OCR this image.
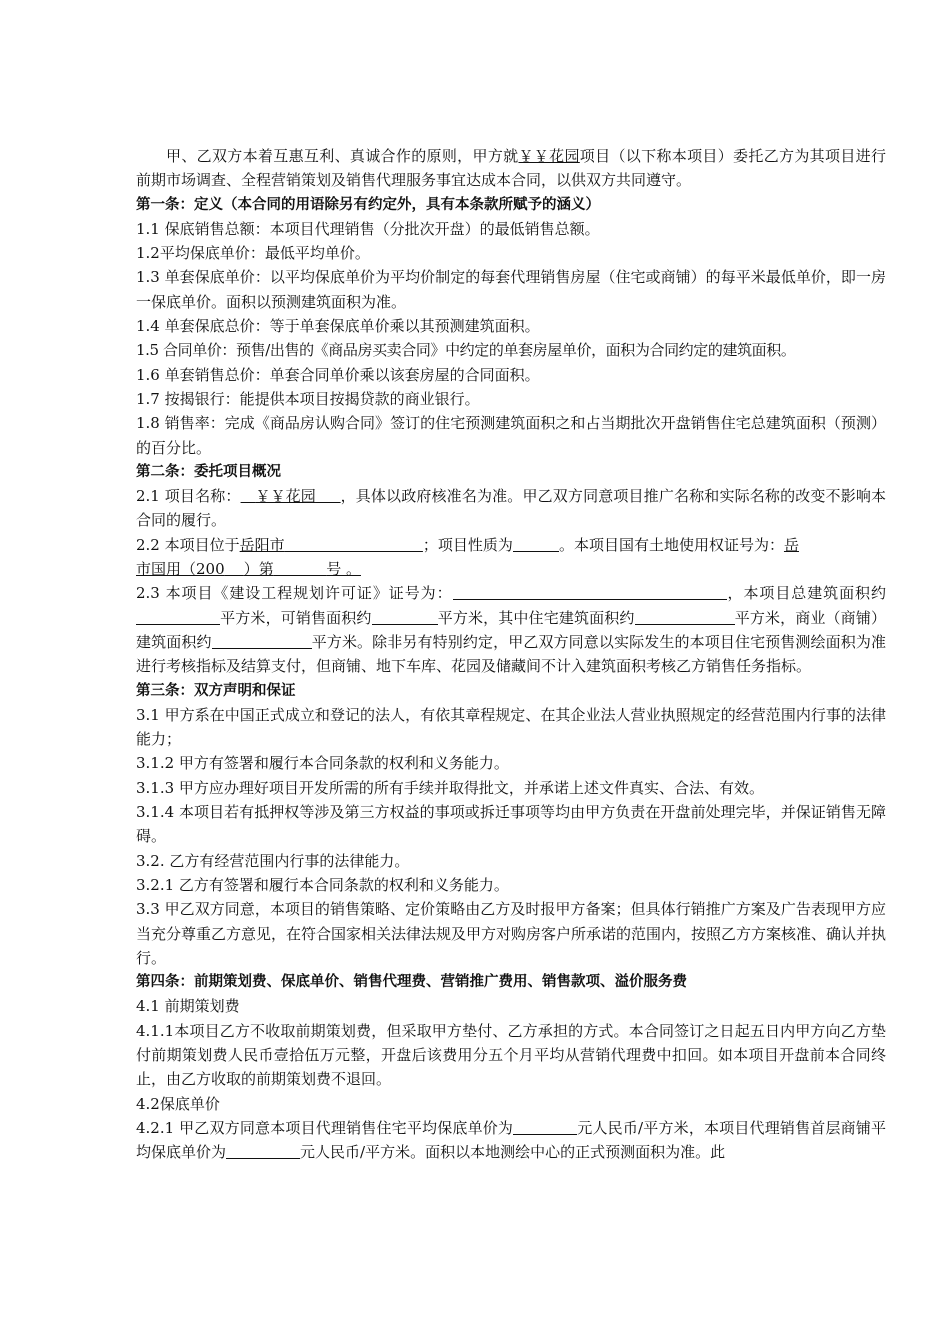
甲、乙双方本着互惠互利、真诚合作的原则，甲方就￥￥花园项目（以下称本项目）委托乙方为其项目进行前期市场调查、全程营销策划及销售代理服务事宜达成本合同，以供双方共同遵守。

第一条：定义（本合同的用语除另有约定外，具有本条款所赋予的涵义）

1.1 保底销售总额：本项目代理销售（分批次开盘）的最低销售总额。

1.2平均保底单价：最低平均单价。

1.3 单套保底单价：以平均保底单价为平均价制定的每套代理销售房屋（住宅或商铺）的每平米最低单价，即一房一保底单价。面积以预测建筑面积为准。

1.4 单套保底总价：等于单套保底单价乘以其预测建筑面积。

1.5 合同单价：预售/出售的《商品房买卖合同》中约定的单套房屋单价，面积为合同约定的建筑面积。

1.6 单套销售总价：单套合同单价乘以该套房屋的合同面积。

1.7 按揭银行：能提供本项目按揭贷款的商业银行。

1.8 销售率：完成《商品房认购合同》签订的住宅预测建筑面积之和占当期批次开盘销售住宅总建筑面积（预测）的百分比。

第二条：委托项目概况

2.1 项目名称： ￥￥花园 ，具体以政府核准名为准。甲乙双方同意项目推广名称和实际名称的改变不影响本合同的履行。

2.2 本项目位于岳阳市	；项目性质为	。本项目国有土地使用权证号为：岳
市国用（200 ）第	号 。

2.3 本项目《建设工程规划许可证》证号为：	，本项目总建筑面积约平方米，可销售面积约	平方米，其中住宅建筑面积约	平方米，商业（商铺）建筑面积约	平方米。除非另有特别约定，甲乙双方同意以实际发生的本项目住宅预售测绘面积为准进行考核指标及结算支付，但商铺、地下车库、花园及储藏间不计入建筑面积考核乙方销售任务指标。

第三条：双方声明和保证

3.1 甲方系在中国正式成立和登记的法人，有依其章程规定、在其企业法人营业执照规定的经营范围内行事的法律能力；

3.1.2 甲方有签署和履行本合同条款的权利和义务能力。

3.1.3 甲方应办理好项目开发所需的所有手续并取得批文，并承诺上述文件真实、合法、有效。

3.1.4 本项目若有抵押权等涉及第三方权益的事项或拆迁事项等均由甲方负责在开盘前处理完毕，并保证销售无障碍。

3.2. 乙方有经营范围内行事的法律能力。

3.2.1 乙方有签署和履行本合同条款的权利和义务能力。

3.3 甲乙双方同意，本项目的销售策略、定价策略由乙方及时报甲方备案；但具体行销推广方案及广告表现甲方应当充分尊重乙方意见，在符合国家相关法律法规及甲方对购房客户所承诺的范围内，按照乙方方案核准、确认并执行。

第四条：前期策划费、保底单价、销售代理费、营销推广费用、销售款项、溢价服务费

4.1 前期策划费

4.1.1本项目乙方不收取前期策划费，但采取甲方垫付、乙方承担的方式。本合同签订之日起五日内甲方向乙方垫付前期策划费人民币壹拾伍万元整，开盘后该费用分五个月平均从营销代理费中扣回。如本项目开盘前本合同终止，由乙方收取的前期策划费不退回。

4.2保底单价

4.2.1 甲乙双方同意本项目代理销售住宅平均保底单价为	元人民币/平方米，本项目代理销售首层商铺平均保底单价为	元人民币/平方米。面积以本地测绘中心的正式预测面积为准。此
